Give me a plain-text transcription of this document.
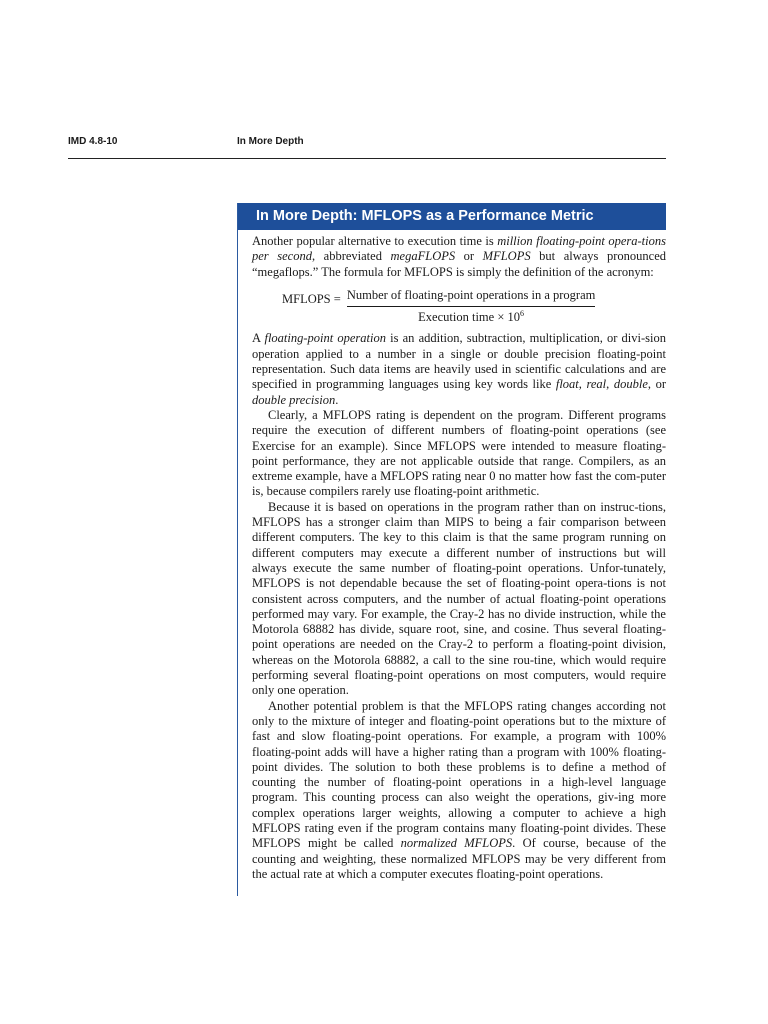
IMD 4.8-10	In More Depth
In More Depth: MFLOPS as a Performance Metric

Another popular alternative to execution time is million floating-point opera-tions per second, abbreviated megaFLOPS or MFLOPS but always pronounced “megaflops.” The formula for MFLOPS is simply the definition of the acronym:

MFLOPS = $\frac{\text{Number of floating-point operations in a program}}{Execution time \times 10^6}$

A floating-point operation is an addition, subtraction, multiplication, or divi-sion operation applied to a number in a single or double precision floating-point representation. Such data items are heavily used in scientific calculations and are specified in programming languages using key words like float, real, double, or double precision.

Clearly, a MFLOPS rating is dependent on the program. Different programs require the execution of different numbers of floating-point operations (see Exercise for an example). Since MFLOPS were intended to measure floating-point performance, they are not applicable outside that range. Compilers, as an extreme example, have a MFLOPS rating near 0 no matter how fast the com-puter is, because compilers rarely use floating-point arithmetic.

Because it is based on operations in the program rather than on instruc-tions, MFLOPS has a stronger claim than MIPS to being a fair comparison between different computers. The key to this claim is that the same program running on different computers may execute a different number of instructions but will always execute the same number of floating-point operations. Unfor-tunately, MFLOPS is not dependable because the set of floating-point opera-tions is not consistent across computers, and the number of actual floating-point operations performed may vary. For example, the Cray-2 has no divide instruction, while the Motorola 68882 has divide, square root, sine, and cosine. Thus several floating-point operations are needed on the Cray-2 to perform a floating-point division, whereas on the Motorola 68882, a call to the sine rou-tine, which would require performing several floating-point operations on most computers, would require only one operation.

Another potential problem is that the MFLOPS rating changes according not only to the mixture of integer and floating-point operations but to the mixture of fast and slow floating-point operations. For example, a program with 100% floating-point adds will have a higher rating than a program with 100% floating-point divides. The solution to both these problems is to define a method of counting the number of floating-point operations in a high-level language program. This counting process can also weight the operations, giv-ing more complex operations larger weights, allowing a computer to achieve a high MFLOPS rating even if the program contains many floating-point divides. These MFLOPS might be called normalized MFLOPS. Of course, because of the counting and weighting, these normalized MFLOPS may be very different from the actual rate at which a computer executes floating-point operations.
